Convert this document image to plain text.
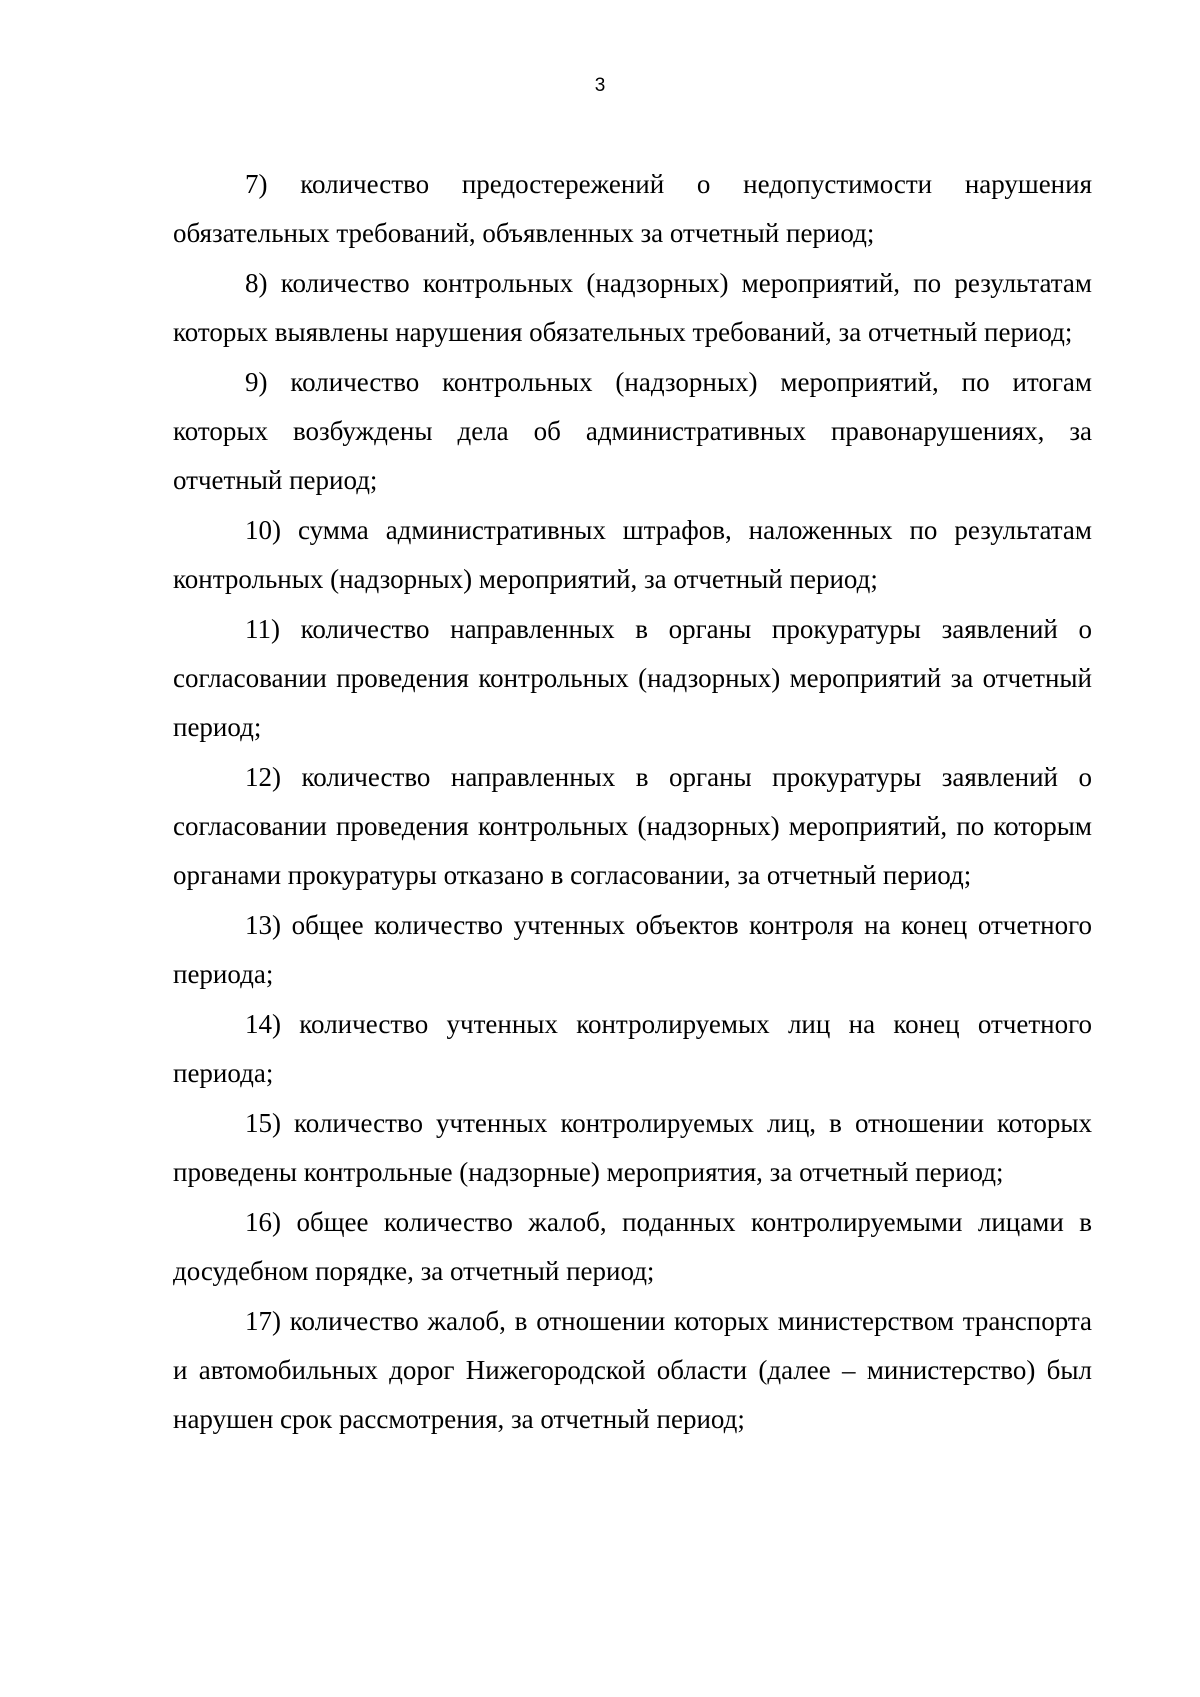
3

7) количество предостережений о недопустимости нарушения обязательных требований, объявленных за отчетный период;

8) количество контрольных (надзорных) мероприятий, по результатам которых выявлены нарушения обязательных требований, за отчетный период;

9) количество контрольных (надзорных) мероприятий, по итогам которых возбуждены дела об административных правонарушениях, за отчетный период;

10) сумма административных штрафов, наложенных по результатам контрольных (надзорных) мероприятий, за отчетный период;

11) количество направленных в органы прокуратуры заявлений о согласовании проведения контрольных (надзорных) мероприятий за отчетный период;

12) количество направленных в органы прокуратуры заявлений о согласовании проведения контрольных (надзорных) мероприятий, по которым органами прокуратуры отказано в согласовании, за отчетный период;

13) общее количество учтенных объектов контроля на конец отчетного периода;

14) количество учтенных контролируемых лиц на конец отчетного периода;

15) количество учтенных контролируемых лиц, в отношении которых проведены контрольные (надзорные) мероприятия, за отчетный период;

16) общее количество жалоб, поданных контролируемыми лицами в досудебном порядке, за отчетный период;

17) количество жалоб, в отношении которых министерством транспорта и автомобильных дорог Нижегородской области (далее – министерство) был нарушен срок рассмотрения, за отчетный период;
